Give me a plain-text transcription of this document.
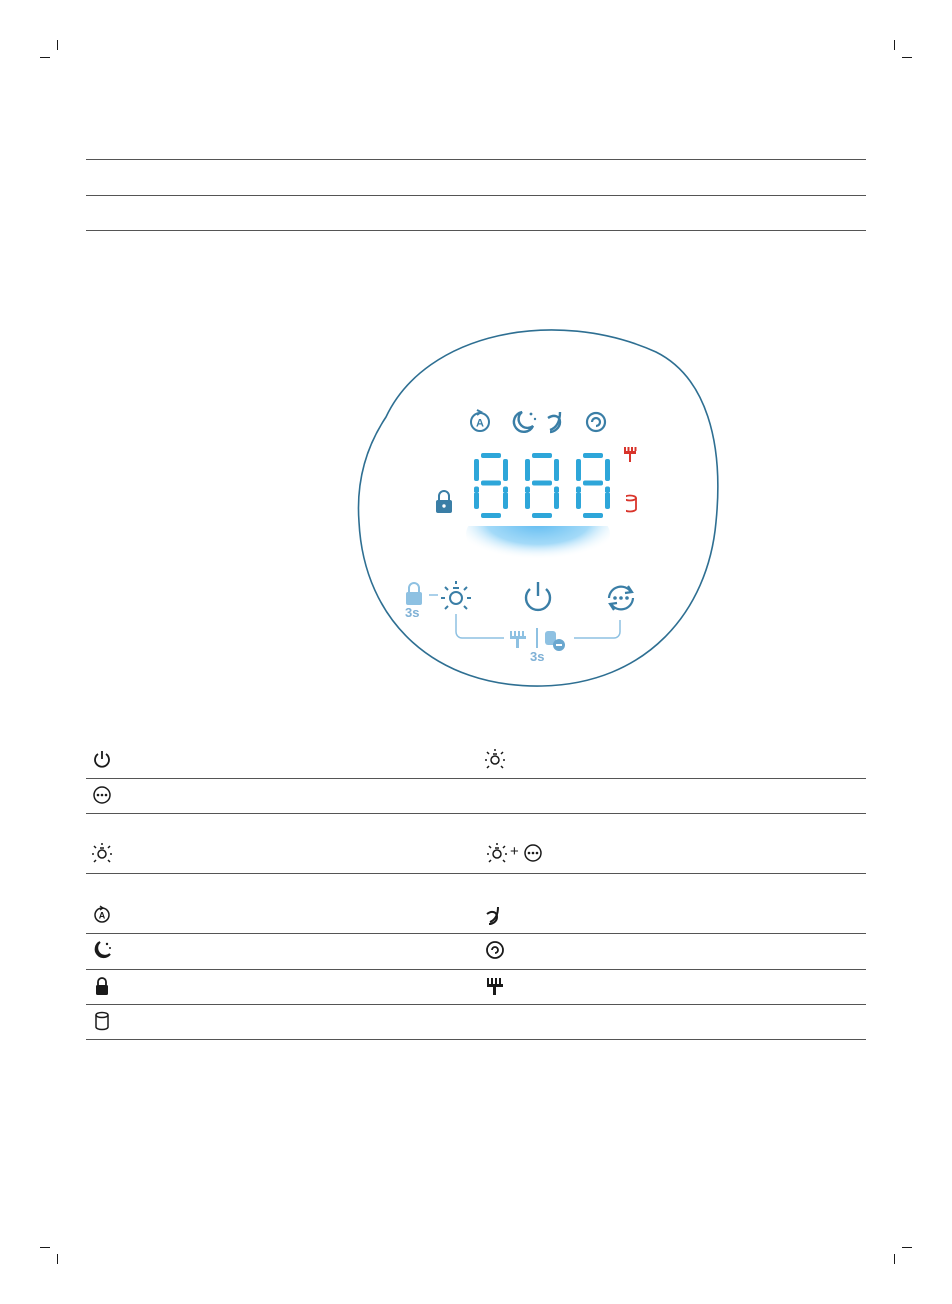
A
3s
3s
+
A
